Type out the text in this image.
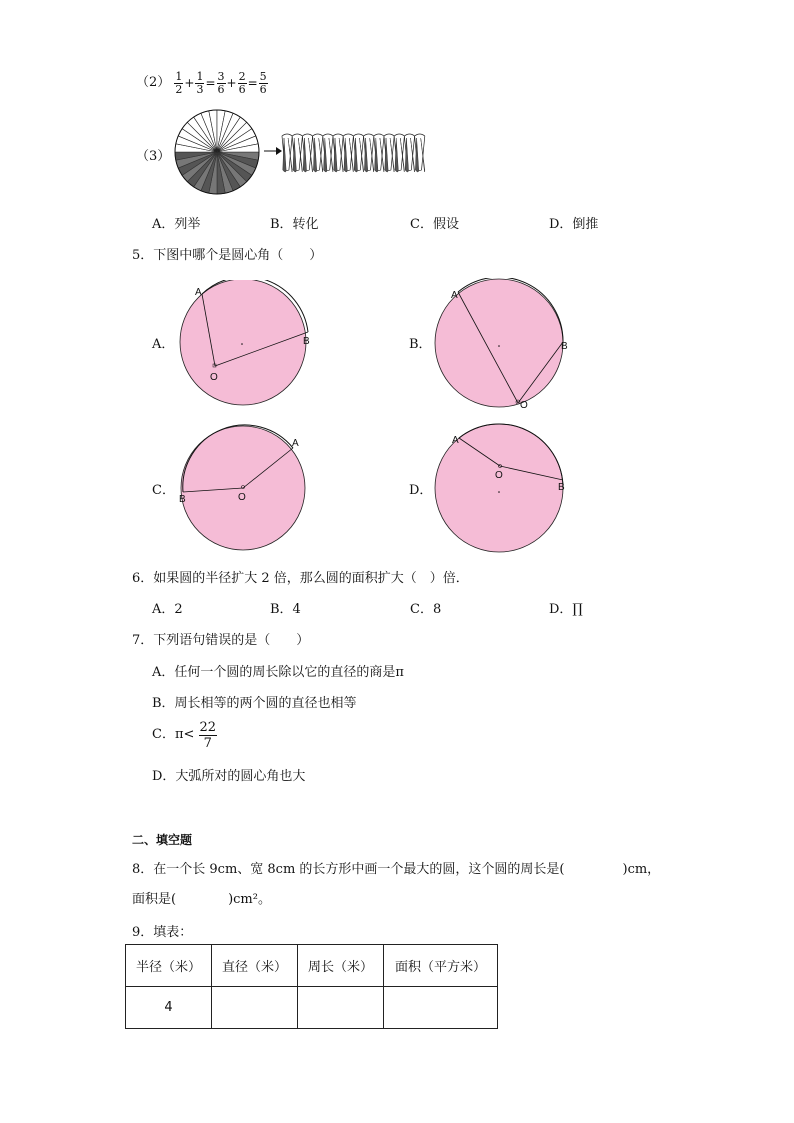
$(2) \frac{1}{2} + \frac{1}{3} = \frac{3}{6} + \frac{2}{6} = \frac{5}{6}$
（3）
A．列举	B．转化	C．假设	D．倒推
5．下图中哪个是圆心角（　　）
A．
A
B
O
B．
A
B
O
C．
A
B	O	D．
A
B
O
6．如果圆的半径扩大 2 倍，那么圆的面积扩大（　）倍．
A．2	B．4	C．8	D．∏
7．下列语句错误的是（　　）
A．任何一个圆的周长除以它的直径的商是π
B．周长相等的两个圆的直径也相等
C．$\pi< \frac{22}{7}$
D．大弧所对的圆心角也大
二、填空题
8．在一个长 9cm、宽 8cm 的长方形中画一个最大的圆，这个圆的周长是(	)cm，
面积是(	)cm²。
9．填表：
半径（米）	直径（米）	周长（米）	面积（平方米）
4			
